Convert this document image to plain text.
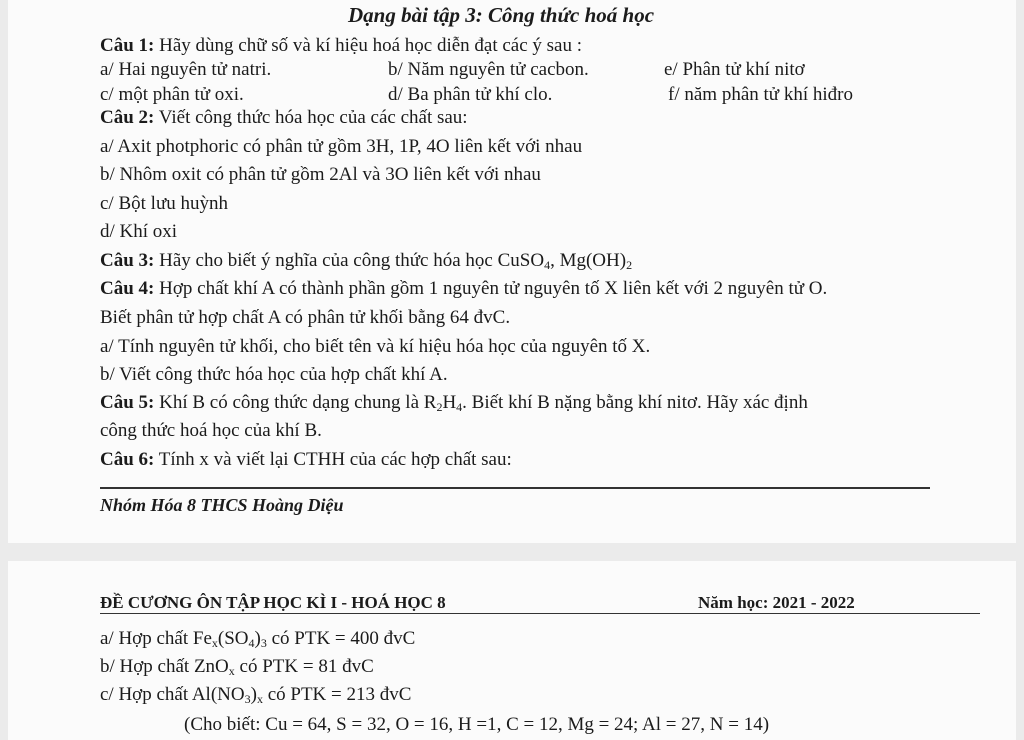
Dạng bài tập 3: Công thức hoá học
Câu 1: Hãy dùng chữ số và kí hiệu hoá học diễn đạt các ý sau :
a/ Hai nguyên tử natri.	b/ Năm nguyên tử cacbon.	e/ Phân tử khí nitơ
c/ một phân tử oxi.	d/ Ba phân tử khí clo.	f/ năm phân tử khí hiđro
Câu 2: Viết công thức hóa học của các chất sau:
a/ Axit photphoric có phân tử gồm 3H, 1P, 4O liên kết với nhau
b/ Nhôm oxit có phân tử gồm 2Al và 3O liên kết với nhau
c/ Bột lưu huỳnh
d/ Khí oxi
Câu 3: Hãy cho biết ý nghĩa của công thức hóa học CuSO$_4$, $Mg(OH)_2$
Câu 4: Hợp chất khí A có thành phần gồm 1 nguyên tử nguyên tố X liên kết với 2 nguyên tử O.
Biết phân tử hợp chất A có phân tử khối bằng 64 đvC.
a/ Tính nguyên tử khối, cho biết tên và kí hiệu hóa học của nguyên tố X.
b/ Viết công thức hóa học của hợp chất khí A.
Câu 5: Khí B có công thức dạng chung là $R_2H_4$. Biết khí B nặng bằng khí nitơ. Hãy xác định
công thức hoá học của khí B.
Câu 6: Tính x và viết lại CTHH của các hợp chất sau:
Nhóm Hóa 8 THCS Hoàng Diệu
ĐỀ CƯƠNG ÔN TẬP HỌC KÌ I - HOÁ HỌC 8	Năm học: 2021 - 2022
a/ Hợp chất $Fe_x(SO_4)_3$ có PTK = 400 đvC
b/ Hợp chất ZnO$_x$ có PTK = 81 đvC
c/ Hợp chất $Al(NO_3)_x$ có PTK = 213 đvC
(Cho biết: Cu = 64, S = 32, O = 16, H =1, C = 12, Mg = 24; Al = 27, N = 14)
